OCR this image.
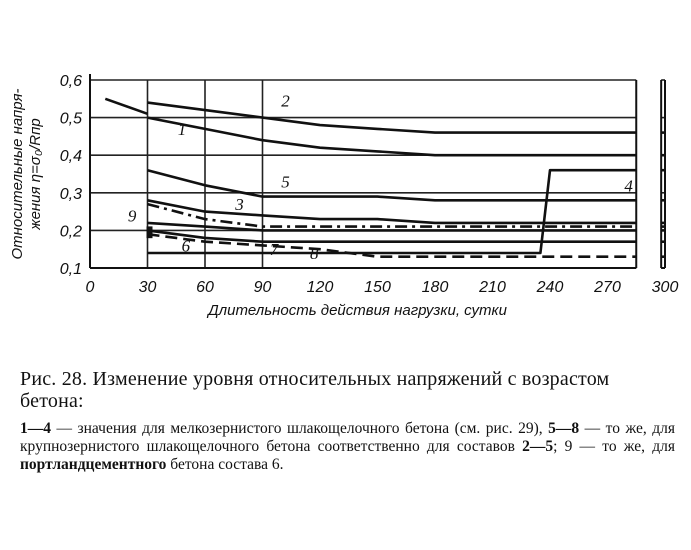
0,1
0,2
0,3
0,4
0,5
0,6
0	30 60 90 120 150 180 210 240 270 300
1
2
3
4
5
6	7 8
9
Относительные напря-жения η=σ₀/Rпр
Длительность действия нагрузки, сутки
Рис. 28. Изменение уровня относительных напряжений с возрастом бетона:
1—4 — значения для мелкозернистого шлакощелочного бетона (см. рис. 29), 5—8 — то же, для крупнозернистого шлакощелочного бетона соответственно для составов 2—5; 9 — то же, для портландцементного бетона состава 6.
